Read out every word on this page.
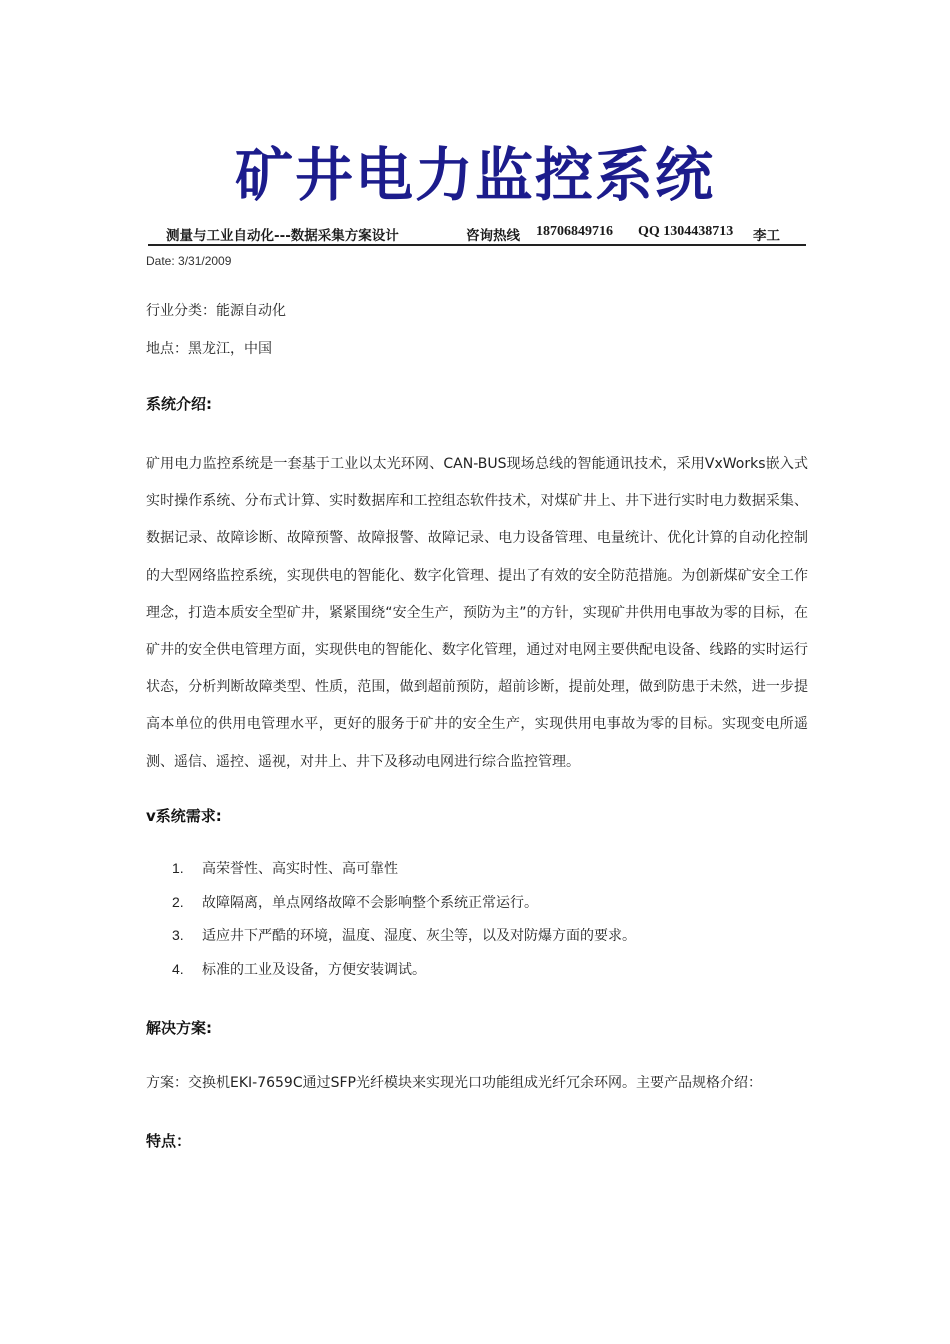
矿井电力监控系统
测量与工业自动化---数据采集方案设计	咨询热线 18706849716 QQ 1304438713 李工
Date: 3/31/2009
行业分类：能源自动化
地点：黑龙江，中国
系统介绍:
矿用电力监控系统是一套基于工业以太光环网、CAN-BUS现场总线的智能通讯技术，采用VxWorks嵌入式实时操作系统、分布式计算、实时数据库和工控组态软件技术，对煤矿井上、井下进行实时电力数据采集、数据记录、故障诊断、故障预警、故障报警、故障记录、电力设备管理、电量统计、优化计算的自动化控制的大型网络监控系统，实现供电的智能化、数字化管理、提出了有效的安全防范措施。为创新煤矿安全工作理念，打造本质安全型矿井，紧紧围绕“安全生产，预防为主”的方针，实现矿井供用电事故为零的目标，在矿井的安全供电管理方面，实现供电的智能化、数字化管理，通过对电网主要供配电设备、线路的实时运行状态，分析判断故障类型、性质，范围，做到超前预防，超前诊断，提前处理，做到防患于未然，进一步提高本单位的供用电管理水平，更好的服务于矿井的安全生产，实现供用电事故为零的目标。实现变电所遥测、遥信、遥控、遥视，对井上、井下及移动电网进行综合监控管理。
v系统需求:
1. 高荣誉性、高实时性、高可靠性
2. 故障隔离，单点网络故障不会影响整个系统正常运行。
3. 适应井下严酷的环境，温度、湿度、灰尘等，以及对防爆方面的要求。
4. 标准的工业及设备，方便安装调试。
解决方案:
方案：交换机EKI-7659C通过SFP光纤模块来实现光口功能组成光纤冗余环网。主要产品规格介绍：
特点：
